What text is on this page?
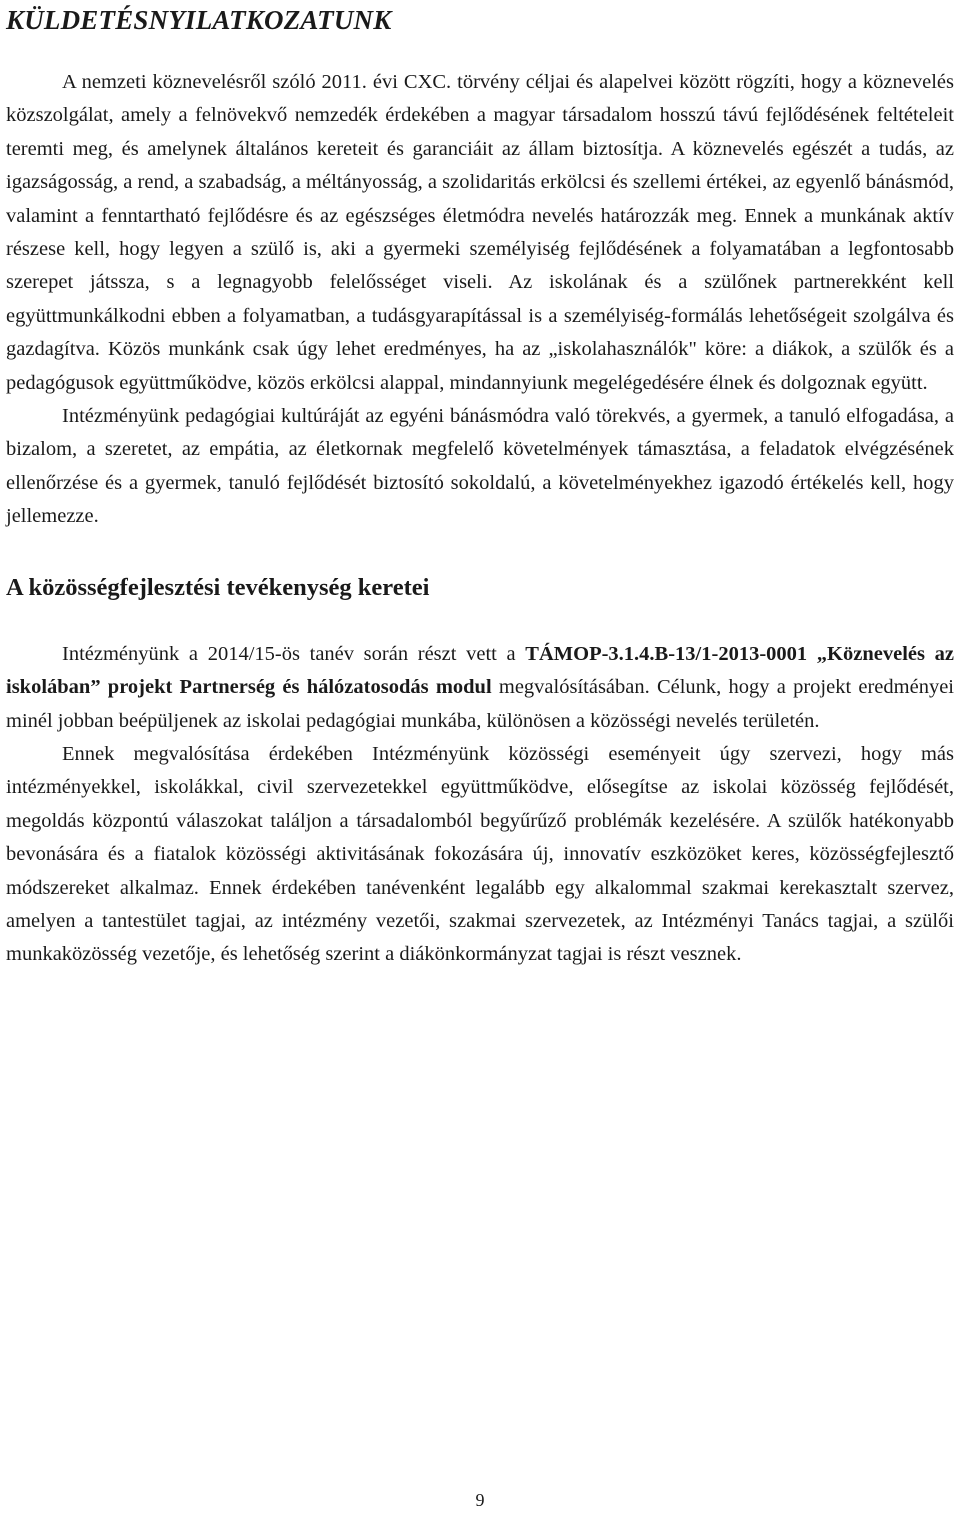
KÜLDETÉSNYILATKOZATUNK

A nemzeti köznevelésről szóló 2011. évi CXC. törvény céljai és alapelvei között rögzíti, hogy a köznevelés közszolgálat, amely a felnövekvő nemzedék érdekében a magyar társadalom hosszú távú fejlődésének feltételeit teremti meg, és amelynek általános kereteit és garanciáit az állam biztosítja. A köznevelés egészét a tudás, az igazságosság, a rend, a szabadság, a méltányosság, a szolidaritás erkölcsi és szellemi értékei, az egyenlő bánásmód, valamint a fenntartható fejlődésre és az egészséges életmódra nevelés határozzák meg. Ennek a munkának aktív részese kell, hogy legyen a szülő is, aki a gyermeki személyiség fejlődésének a folyamatában a legfontosabb szerepet játssza, s a legnagyobb felelősséget viseli. Az iskolának és a szülőnek partnerekként kell együttmunkálkodni ebben a folyamatban, a tudásgyarapítással is a személyiség-formálás lehetőségeit szolgálva és gazdagítva. Közös munkánk csak úgy lehet eredményes, ha az „iskolahasználók" köre: a diákok, a szülők és a pedagógusok együttműködve, közös erkölcsi alappal, mindannyiunk megelégedésére élnek és dolgoznak együtt.

Intézményünk pedagógiai kultúráját az egyéni bánásmódra való törekvés, a gyermek, a tanuló elfogadása, a bizalom, a szeretet, az empátia, az életkornak megfelelő követelmények támasztása, a feladatok elvégzésének ellenőrzése és a gyermek, tanuló fejlődését biztosító sokoldalú, a követelményekhez igazodó értékelés kell, hogy jellemezze.

A közösségfejlesztési tevékenység keretei

Intézményünk a 2014/15-ös tanév során részt vett a TÁMOP-3.1.4.B-13/1-2013-0001 „Köznevelés az iskolában” projekt Partnerség és hálózatosodás modul megvalósításában. Célunk, hogy a projekt eredményei minél jobban beépüljenek az iskolai pedagógiai munkába, különösen a közösségi nevelés területén.

Ennek megvalósítása érdekében Intézményünk közösségi eseményeit úgy szervezi, hogy más intézményekkel, iskolákkal, civil szervezetekkel együttműködve, elősegítse az iskolai közösség fejlődését, megoldás központú válaszokat találjon a társadalomból begyűrűző problémák kezelésére. A szülők hatékonyabb bevonására és a fiatalok közösségi aktivitásának fokozására új, innovatív eszközöket keres, közösségfejlesztő módszereket alkalmaz. Ennek érdekében tanévenként legalább egy alkalommal szakmai kerekasztalt szervez, amelyen a tantestület tagjai, az intézmény vezetői, szakmai szervezetek, az Intézményi Tanács tagjai, a szülői munkaközösség vezetője, és lehetőség szerint a diákönkormányzat tagjai is részt vesznek.

9
